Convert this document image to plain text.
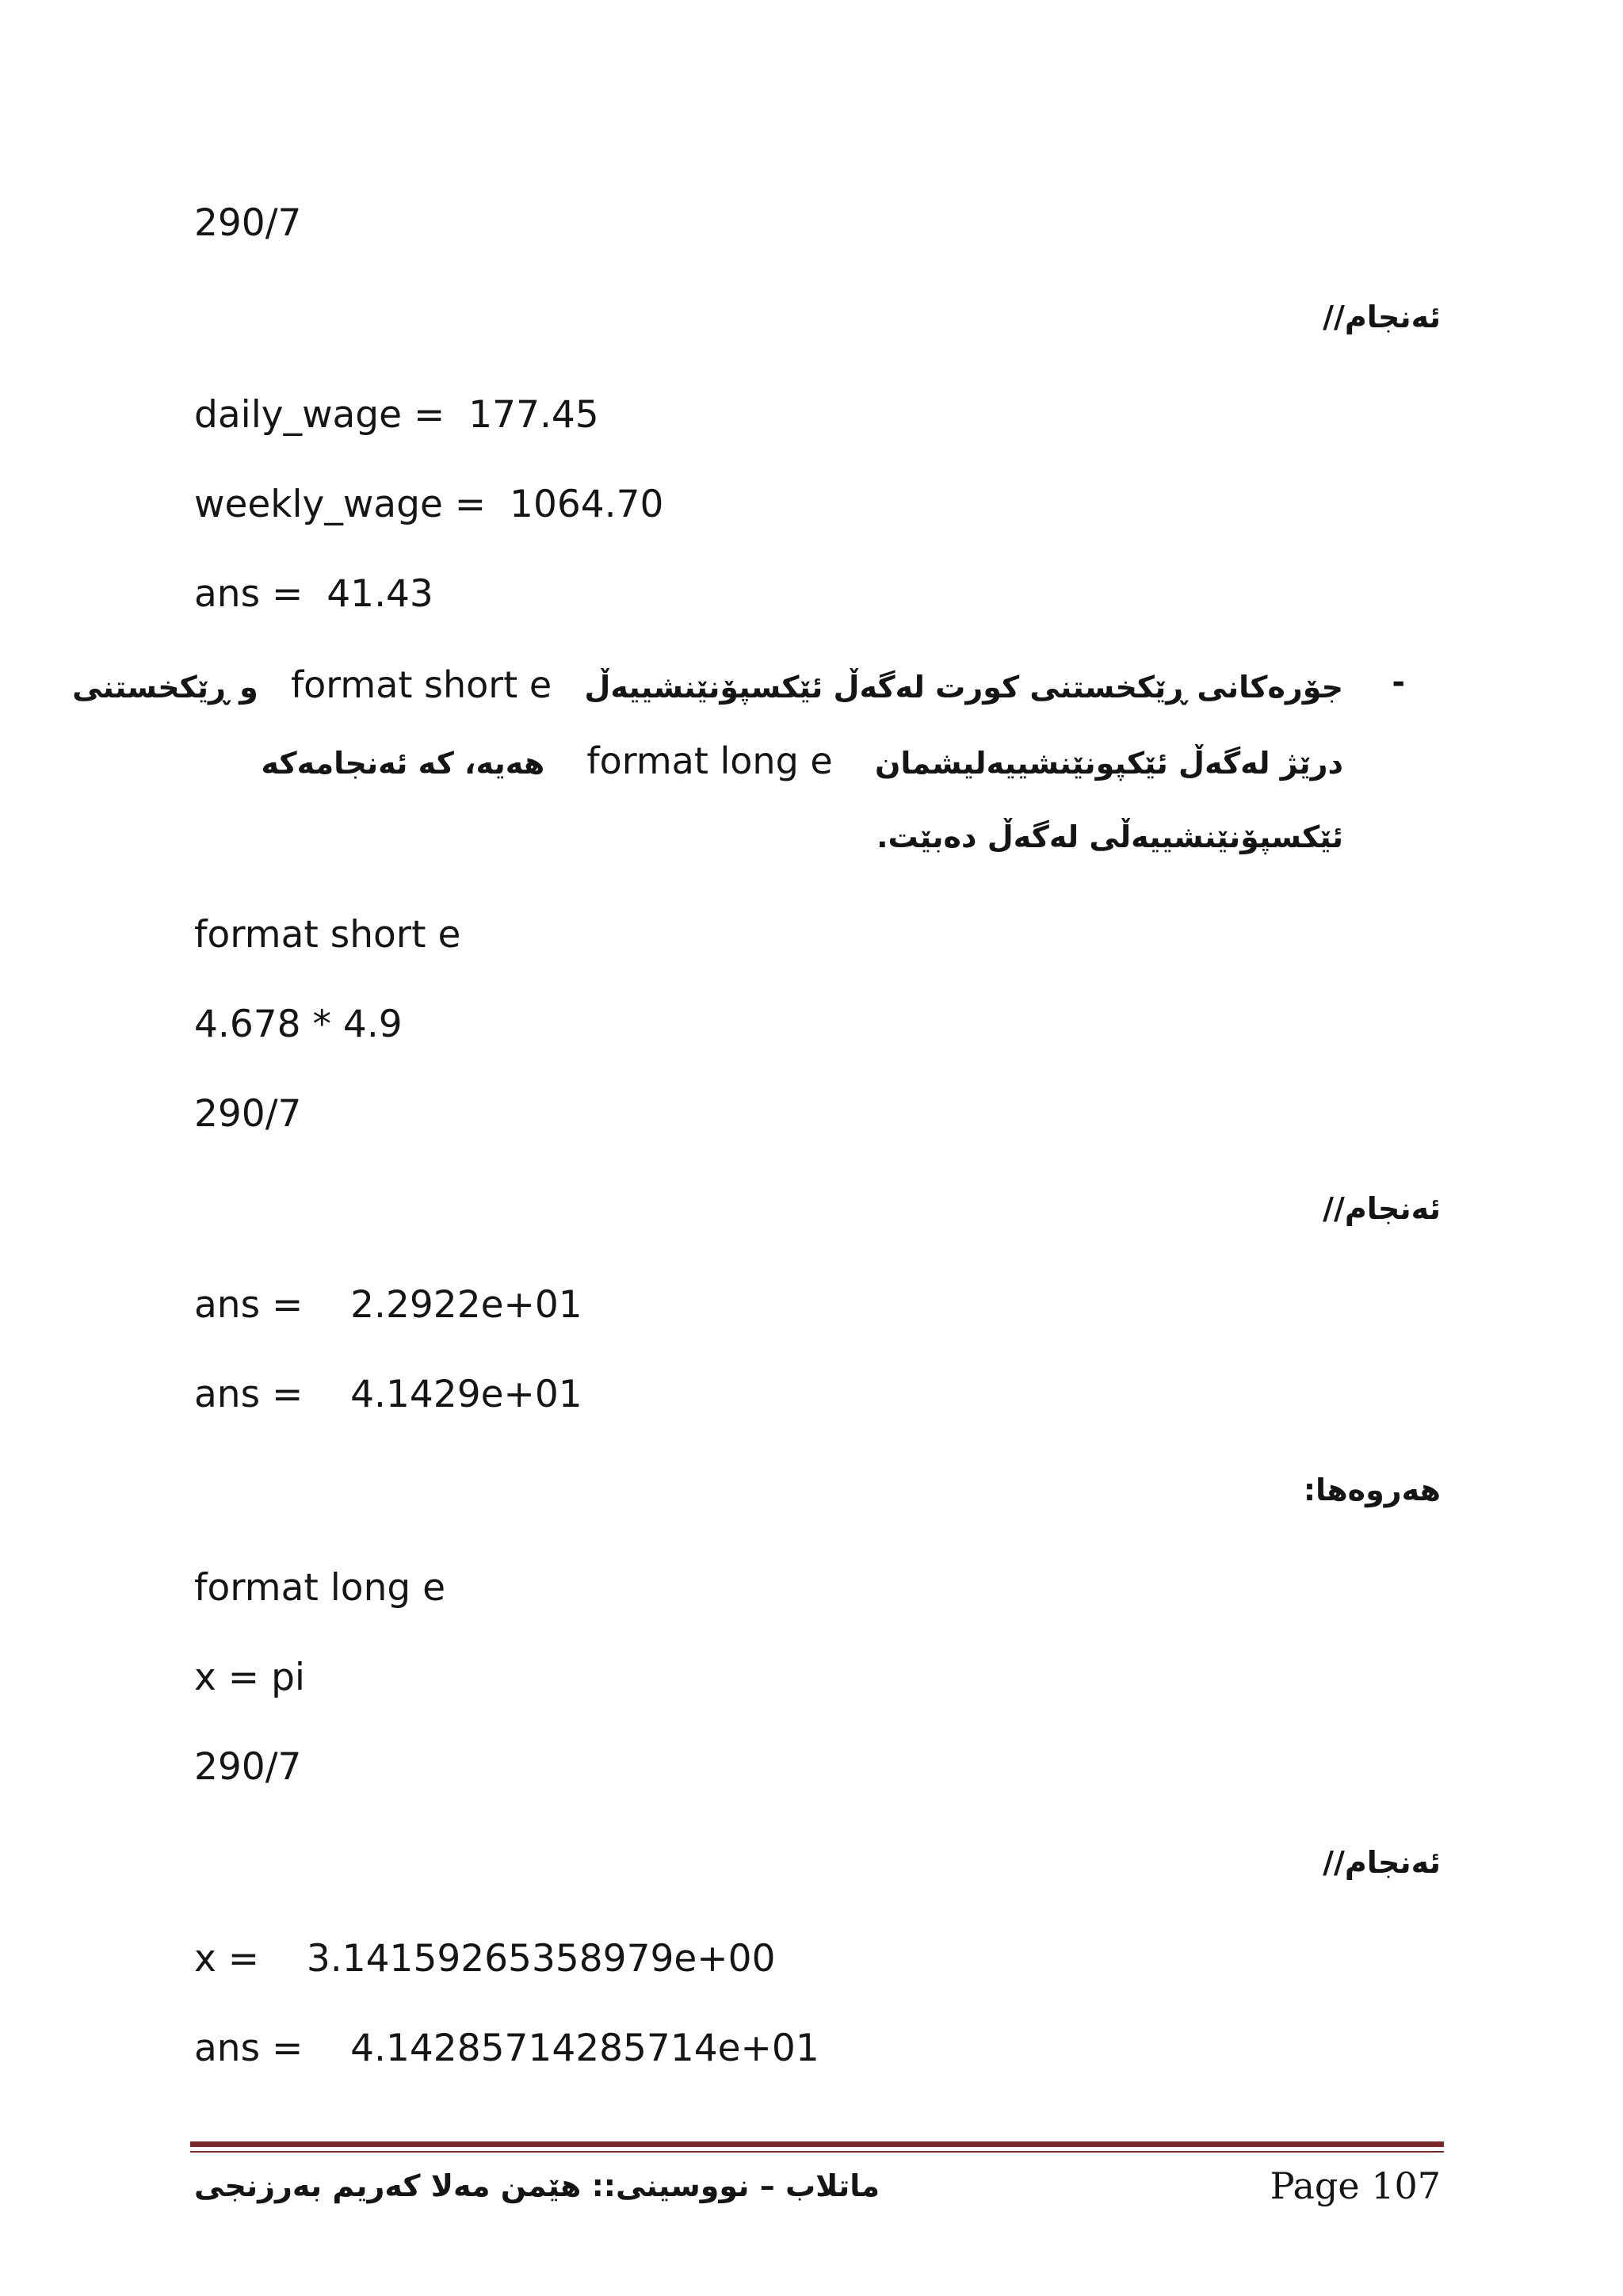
290/7
ئەنجام//
daily_wage =  177.45
weekly_wage =  1064.70
ans =  41.43
-
جۆرەکانی ڕێکخستنی کورت لەگەڵ ئێکسپۆنێنشییەڵ format short e و ڕێکخستنی
درێژ لەگەڵ ئێکپونێنشییەلیشمان format long e هەیە، کە ئەنجامەکە
ئێکسپۆنێنشییەڵی لەگەڵ دەبێت.
format short e
4.678 * 4.9
290/7
ئەنجام//
ans =    2.2922e+01
ans =    4.1429e+01
هەروەها:
format long e
x = pi
290/7
ئەنجام//
x =    3.14159265358979e+00
ans =    4.14285714285714e+01
ماتلاب – نووسینی:: هێمن مەلا کەریم بەرزنجی	Page 107
